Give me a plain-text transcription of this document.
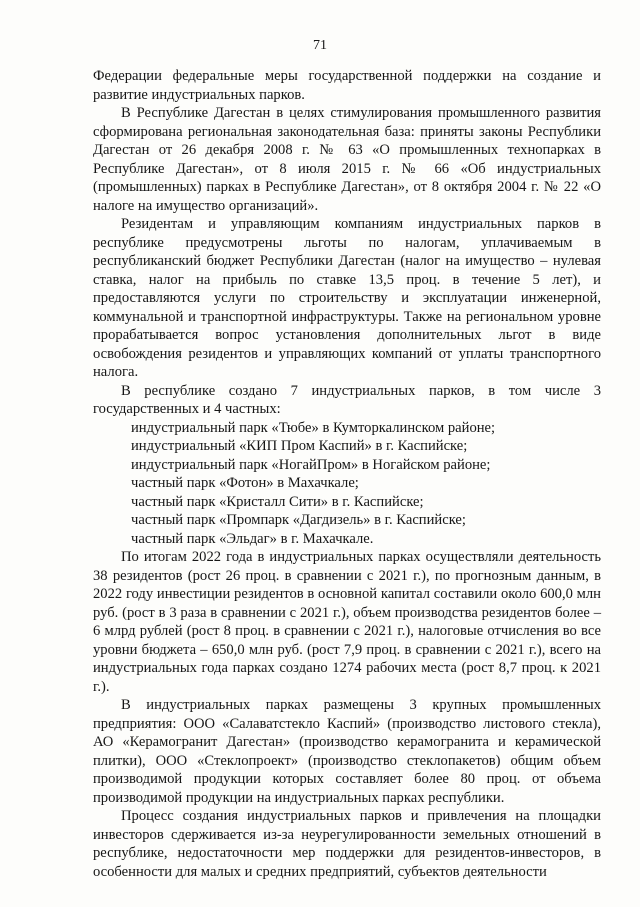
71

Федерации федеральные меры государственной поддержки на создание и развитие индустриальных парков.

В Республике Дагестан в целях стимулирования промышленного развития сформирована региональная законодательная база: приняты законы Республики Дагестан от 26 декабря 2008 г. № 63 «О промышленных технопарках в Республике Дагестан», от 8 июля 2015 г. № 66 «Об индустриальных (промышленных) парках в Республике Дагестан», от 8 октября 2004 г. № 22 «О налоге на имущество организаций».

Резидентам и управляющим компаниям индустриальных парков в республике предусмотрены льготы по налогам, уплачиваемым в республиканский бюджет Республики Дагестан (налог на имущество – нулевая ставка, налог на прибыль по ставке 13,5 проц. в течение 5 лет), и предоставляются услуги по строительству и эксплуатации инженерной, коммунальной и транспортной инфраструктуры. Также на региональном уровне прорабатывается вопрос установления дополнительных льгот в виде освобождения резидентов и управляющих компаний от уплаты транспортного налога.

В республике создано 7 индустриальных парков, в том числе 3 государственных и 4 частных:

индустриальный парк «Тюбе» в Кумторкалинском районе;

индустриальный «КИП Пром Каспий» в г. Каспийске;

индустриальный парк «НогайПром» в Ногайском районе;

частный парк «Фотон» в Махачкале;

частный парк «Кристалл Сити» в г. Каспийске;

частный парк «Промпарк «Дагдизель» в г. Каспийске;

частный парк «Эльдаг» в г. Махачкале.

По итогам 2022 года в индустриальных парках осуществляли деятельность 38 резидентов (рост 26 проц. в сравнении с 2021 г.), по прогнозным данным, в 2022 году инвестиции резидентов в основной капитал составили около 600,0 млн руб. (рост в 3 раза в сравнении с 2021 г.), объем производства резидентов более – 6 млрд рублей (рост 8 проц. в сравнении с 2021 г.), налоговые отчисления во все уровни бюджета – 650,0 млн руб. (рост 7,9 проц. в сравнении с 2021 г.), всего на индустриальных года парках создано 1274 рабочих места (рост 8,7 проц. к 2021 г.).

В индустриальных парках размещены 3 крупных промышленных предприятия: ООО «Салаватстекло Каспий» (производство листового стекла), АО «Керамогранит Дагестан» (производство керамогранита и керамической плитки), ООО «Стеклопроект» (производство стеклопакетов) общим объем производимой продукции которых составляет более 80 проц. от объема производимой продукции на индустриальных парках республики.

Процесс создания индустриальных парков и привлечения на площадки инвесторов сдерживается из-за неурегулированности земельных отношений в республике, недостаточности мер поддержки для резидентов-инвесторов, в особенности для малых и средних предприятий, субъектов деятельности
